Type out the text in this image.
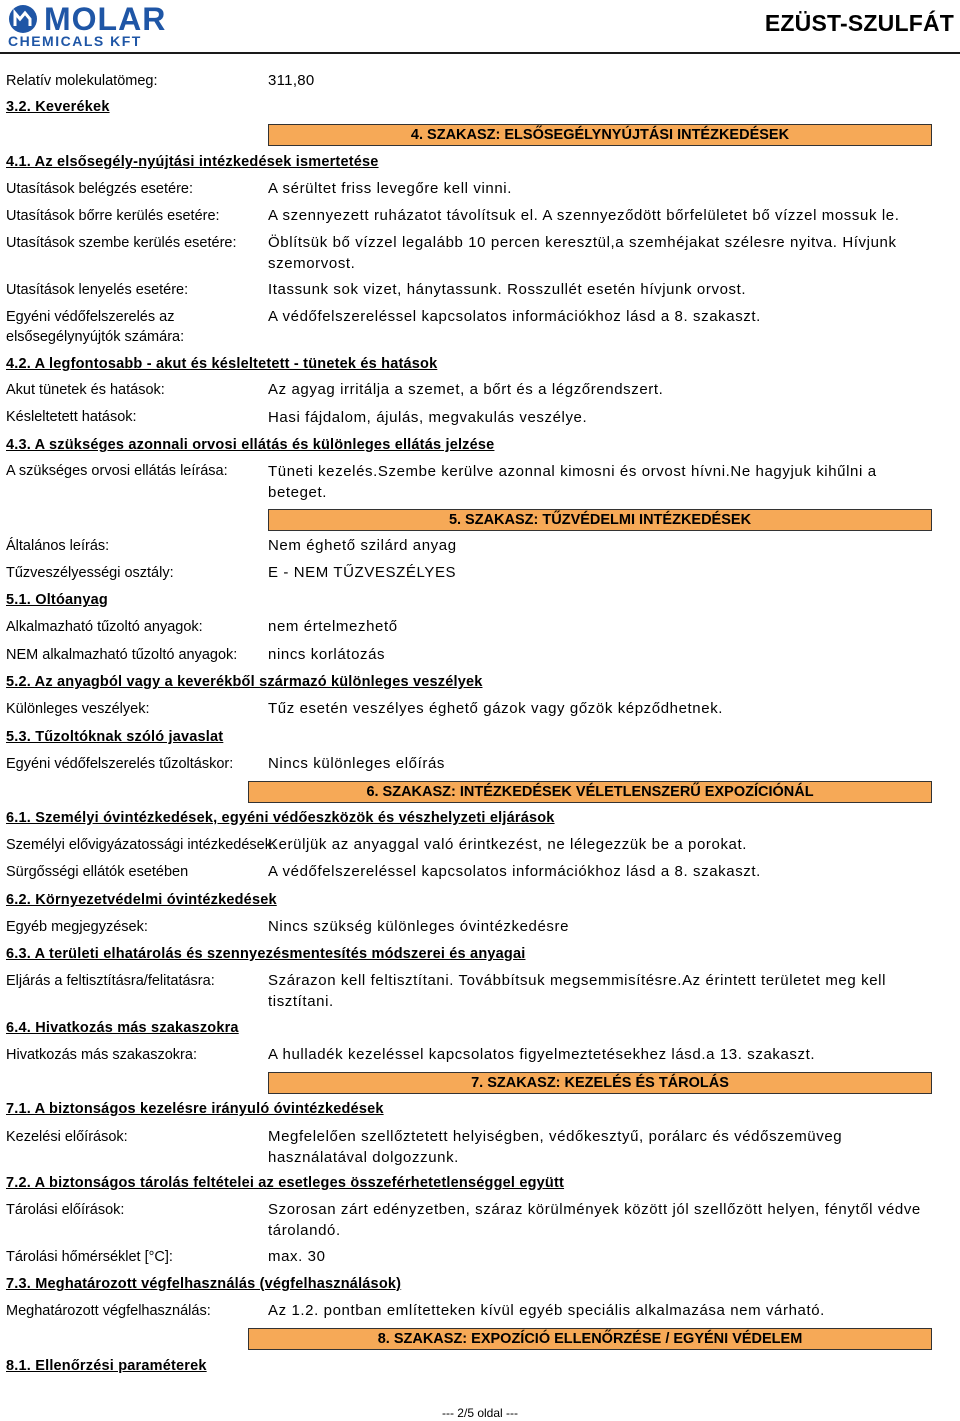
MOLAR
CHEMICALS KFT
EZÜST-SZULFÁT
Relatív molekulatömeg:	311,80
3.2. Keverékek
4. SZAKASZ: ELSŐSEGÉLYNYÚJTÁSI INTÉZKEDÉSEK
4.1. Az elsősegély-nyújtási intézkedések ismertetése
Utasítások belégzés esetére:	A sérültet friss levegőre kell vinni.
Utasítások bőrre kerülés esetére:	A szennyezett ruházatot távolítsuk el. A szennyeződött bőrfelületet bő vízzel mossuk le.
Utasítások szembe kerülés esetére: Öblítsük bő vízzel legalább 10 percen keresztül,a szemhéjakat szélesre nyitva. Hívjunk szemorvost.
Utasítások lenyelés esetére:	Itassunk sok vizet, hánytassunk. Rosszullét esetén hívjunk orvost.
Egyéni védőfelszerelés az elsősegélynyújtók számára:
A védőfelszereléssel kapcsolatos információkhoz lásd a 8. szakaszt.
4.2. A legfontosabb - akut és késleltetett - tünetek és hatások
Akut tünetek és hatások:	Az agyag irritálja a szemet, a bőrt és a légzőrendszert.
Késleltetett hatások:	Hasi fájdalom, ájulás, megvakulás veszélye.
4.3. A szükséges azonnali orvosi ellátás és különleges ellátás jelzése
A szükséges orvosi ellátás leírása:	Tüneti kezelés.Szembe kerülve azonnal kimosni és orvost hívni.Ne hagyjuk kihűlni a beteget.
5. SZAKASZ: TŰZVÉDELMI INTÉZKEDÉSEK
Általános leírás:	Nem éghető szilárd anyag
Tűzveszélyességi osztály:	E - NEM TŰZVESZÉLYES
5.1. Oltóanyag
Alkalmazható tűzoltó anyagok:	nem értelmezhető
NEM alkalmazható tűzoltó anyagok: nincs korlátozás
5.2. Az anyagból vagy a keverékből származó különleges veszélyek
Különleges veszélyek:	Tűz esetén veszélyes éghető gázok vagy gőzök képződhetnek.
5.3. Tűzoltóknak szóló javaslat
Egyéni védőfelszerelés tűzoltáskor: Nincs különleges előírás
6. SZAKASZ: INTÉZKEDÉSEK VÉLETLENSZERŰ EXPOZÍCIÓNÁL
6.1. Személyi óvintézkedések, egyéni védőeszközök és vészhelyzeti eljárások
Személyi elővigyázatossági intézkedések:
Kerüljük az anyaggal való érintkezést, ne lélegezzük be a porokat.
Sürgősségi ellátók esetében	A védőfelszereléssel kapcsolatos információkhoz lásd a 8. szakaszt.
6.2. Környezetvédelmi óvintézkedések
Egyéb megjegyzések:	Nincs szükség különleges óvintézkedésre
6.3. A területi elhatárolás és szennyezésmentesítés módszerei és anyagai
Eljárás a feltisztításra/felitatásra:	Szárazon kell feltisztítani. Továbbítsuk megsemmisítésre.Az érintett területet meg kell tisztítani.
6.4. Hivatkozás más szakaszokra
Hivatkozás más szakaszokra:	A hulladék kezeléssel kapcsolatos figyelmeztetésekhez lásd.a 13. szakaszt.
7. SZAKASZ: KEZELÉS ÉS TÁROLÁS
7.1. A biztonságos kezelésre irányuló óvintézkedések
Kezelési előírások:	Megfelelően szellőztetett helyiségben, védőkesztyű, porálarc és védőszemüveg használatával dolgozzunk.
7.2. A biztonságos tárolás feltételei az esetleges összeférhetetlenséggel együtt
Tárolási előírások:	Szorosan zárt edényzetben, száraz körülmények között jól szellőzött helyen, fénytől védve tárolandó.
Tárolási hőmérséklet [°C]:	max. 30
7.3. Meghatározott végfelhasználás (végfelhasználások)
Meghatározott végfelhasználás:	Az 1.2. pontban említetteken kívül egyéb speciális alkalmazása nem várható.
8. SZAKASZ: EXPOZÍCIÓ ELLENŐRZÉSE / EGYÉNI VÉDELEM
8.1. Ellenőrzési paraméterek
--- 2/5 oldal ---
